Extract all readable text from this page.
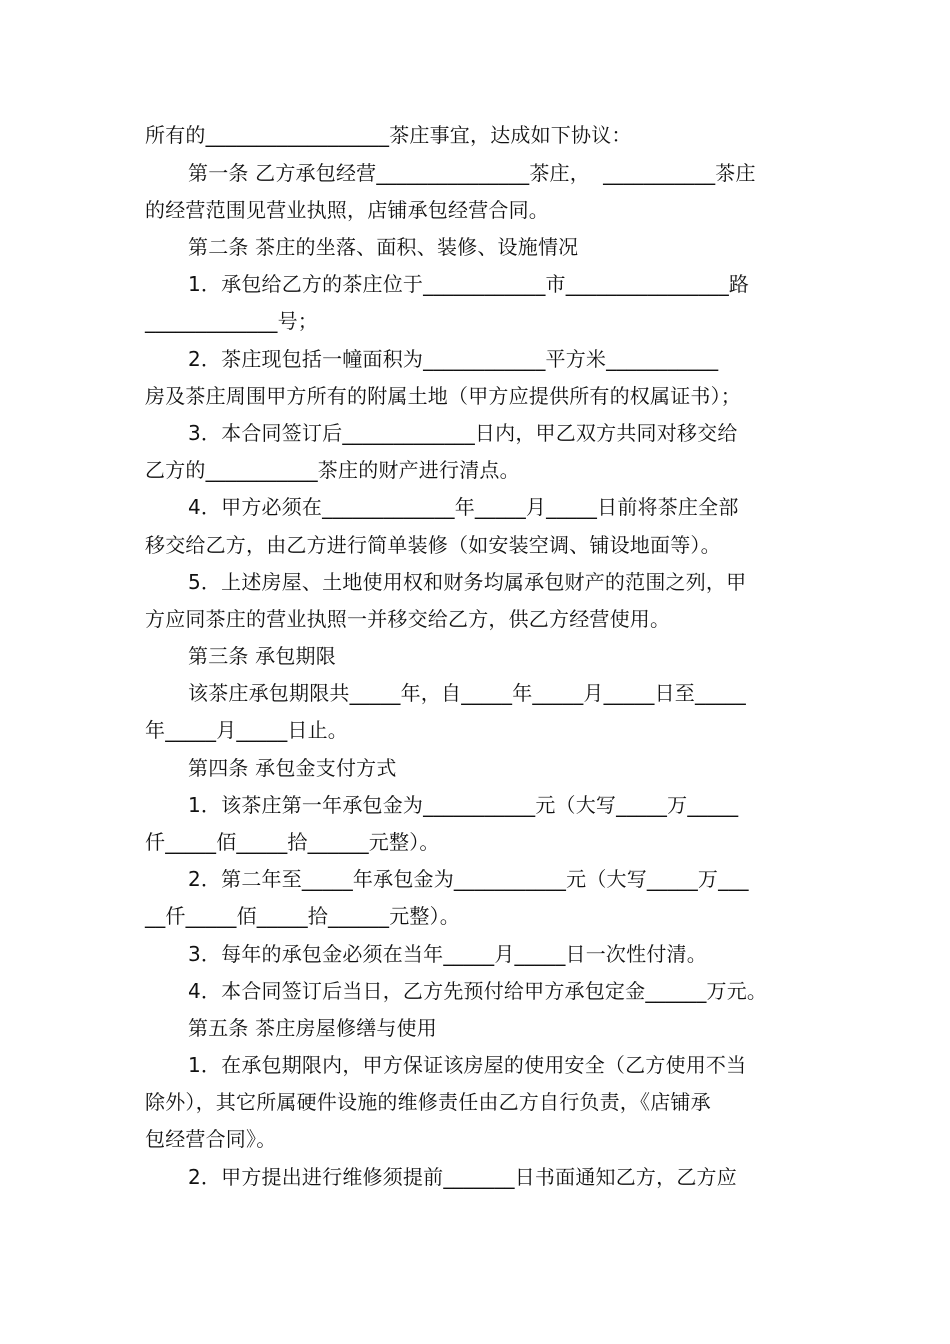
所有的__________________茶庄事宜，达成如下协议：
第一条 乙方承包经营_______________茶庄，  ___________茶庄
的经营范围见营业执照，店铺承包经营合同。
第二条 茶庄的坐落、面积、装修、设施情况
1．承包给乙方的茶庄位于____________市________________路
_____________号；
2．茶庄现包括一幢面积为____________平方米___________
房及茶庄周围甲方所有的附属土地（甲方应提供所有的权属证书）；
3．本合同签订后_____________日内，甲乙双方共同对移交给
乙方的___________茶庄的财产进行清点。
4．甲方必须在_____________年_____月_____日前将茶庄全部
移交给乙方，由乙方进行简单装修（如安装空调、铺设地面等）。
5．上述房屋、土地使用权和财务均属承包财产的范围之列，甲
方应同茶庄的营业执照一并移交给乙方，供乙方经营使用。
第三条 承包期限
该茶庄承包期限共_____年，自_____年_____月_____日至_____
年_____月_____日止。
第四条 承包金支付方式
1．该茶庄第一年承包金为___________元（大写_____万_____
仟_____佰_____拾______元整）。
2．第二年至_____年承包金为___________元（大写_____万___
__仟_____佰_____拾______元整）。
3．每年的承包金必须在当年_____月_____日一次性付清。
4．本合同签订后当日，乙方先预付给甲方承包定金______万元。
第五条 茶庄房屋修缮与使用
1．在承包期限内，甲方保证该房屋的使用安全（乙方使用不当
除外），其它所属硬件设施的维修责任由乙方自行负责，《店铺承
包经营合同》。
2．甲方提出进行维修须提前_______日书面通知乙方，乙方应
